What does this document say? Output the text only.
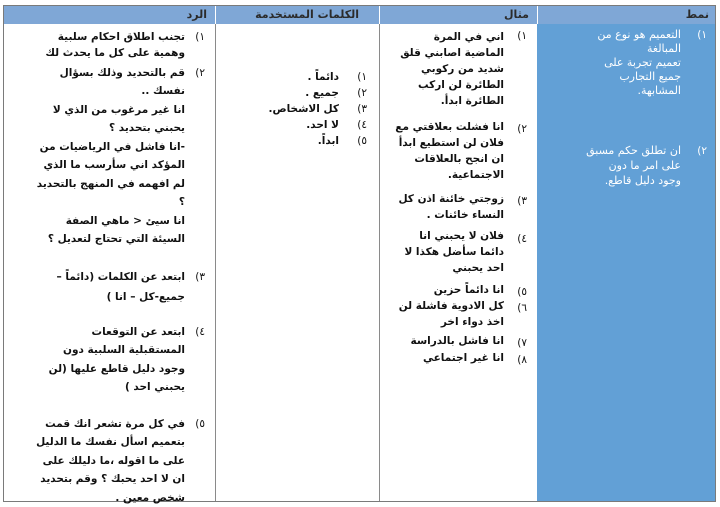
نمط
مثال
الكلمات المستخدمة
الرد
١)
التعميم هو نوع من
المبالغة
تعميم تجربة على
جميع التجارب
المشابهة.
٢)
ان تطلق حكم مسبق
على امر ما دون
وجود دليل قاطع.
١)
اني في المرة
الماضية اصابني قلق
شديد من ركوبي
الطائرة لن اركب
الطائرة ابدأ.
٢)
انا فشلت بعلاقتي مع
فلان لن استطيع ابدأ
ان انجح بالعلاقات
الاجتماعية.
٣)
زوجتي خائنة اذن كل
النساء خائنات .
٤)
فلان لا يحبني انا
دائما سأضل هكذا لا
احد يحبني
٥)
انا دائماً حزين
٦)
كل الادوية فاشلة لن
اخذ دواء اخر
٧)
انا فاشل بالدراسة
٨)
انا غير اجتماعي
١)
دائماً .
٢)
جميع .
٣)
كل الاشخاص.
٤)
لا احد.
٥)
ابداً.
١)
تجنب اطلاق احكام سلبية
وهمية على كل ما يحدث لك
٢)
قم بالتحديد وذلك بسؤال
نفسك ..
انا غير مرغوب من الذي لا
يحبني بتحديد ؟
-انا فاشل في الرياضيات من
المؤكد اني سأرسب ما الذي
لم افهمه في المنهج بالتحديد
؟
انا سيئ < ماهي الصفة
السيئة التي تحتاج لتعديل ؟
٣)
ابتعد عن الكلمات (دائماً –
جميع-كل – انا )
٤)
ابتعد عن التوقعات
المستقبلية السلبية دون
وجود دليل قاطع عليها (لن
يحبني احد )
٥)
في كل مرة تشعر انك قمت
بتعميم اسأل نفسك ما الدليل
على ما اقوله ،ما دليلك على
ان لا احد يحبك ؟ وقم بتحديد
شخص معين .
